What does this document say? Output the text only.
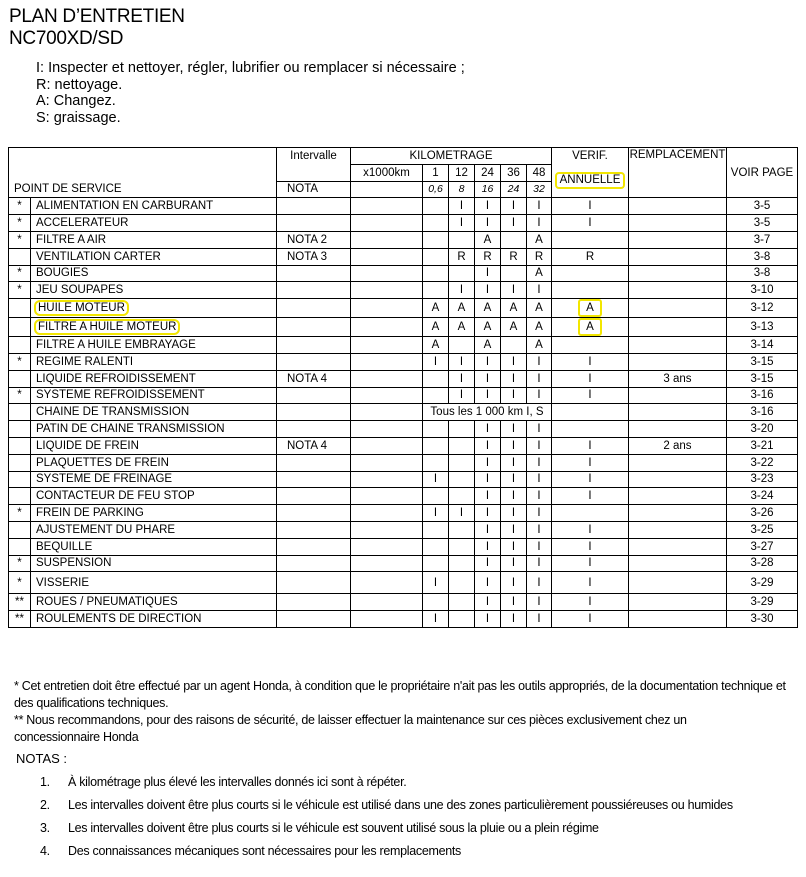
PLAN D’ENTRETIEN
NC700XD/SD
I: Inspecter et nettoyer, régler, lubrifier ou remplacer si nécessaire ;
R: nettoyage.
A: Changez.
S: graissage.
		Intervalle	KILOMETRAGE						VERIF.	REMPLACEMENT	VOIR PAGE
			x1000km	1	12	24	36	48	ANNUELLE		
POINT DE SERVICE		NOTA		0,6	8	16	24	32			
*	ALIMENTATION EN CARBURANT				I	I	I	I	I		3-5
*	ACCELERATEUR				I	I	I	I	I		3-5
*	FILTRE A AIR	NOTA 2				A		A			3-7
	VENTILATION CARTER	NOTA 3			R	R	R	R	R		3-8
*	BOUGIES					I		A			3-8
*	JEU SOUPAPES				I	I	I	I			3-10
	HUILE MOTEUR			A	A	A	A	A	A		3-12
	FILTRE A HUILE MOTEUR			A	A	A	A	A	A		3-13
	FILTRE A HUILE EMBRAYAGE			A		A		A			3-14
*	REGIME RALENTI			I	I	I	I	I	I		3-15
	LIQUIDE REFROIDISSEMENT	NOTA 4			I	I	I	I	I	3 ans	3-15
*	SYSTEME REFROIDISSEMENT				I	I	I	I	I		3-16
	CHAINE DE TRANSMISSION			Tous les 1 000 km I, S							3-16
	PATIN DE CHAINE TRANSMISSION					I	I	I			3-20
	LIQUIDE DE FREIN	NOTA 4				I	I	I	I	2 ans	3-21
	PLAQUETTES DE FREIN					I	I	I	I		3-22
	SYSTEME DE FREINAGE			I		I	I	I	I		3-23
	CONTACTEUR DE FEU STOP					I	I	I	I		3-24
*	FREIN DE PARKING			I	I	I	I	I			3-26
	AJUSTEMENT DU PHARE					I	I	I	I		3-25
	BEQUILLE					I	I	I	I		3-27
*	SUSPENSION					I	I	I	I		3-28
*	VISSERIE			I		I	I	I	I		3-29
**	ROUES / PNEUMATIQUES					I	I	I	I		3-29
**	ROULEMENTS DE DIRECTION			I		I	I	I	I		3-30
* Cet entretien doit être effectué par un agent Honda, à condition que le propriétaire n'ait pas les outils appropriés, de la documentation technique et des qualifications techniques.
** Nous recommandons, pour des raisons de sécurité, de laisser effectuer la maintenance sur ces pièces exclusivement chez un concessionnaire Honda
NOTAS :
1.	À kilométrage plus élevé les intervalles donnés ici sont à répéter.
2.	Les intervalles doivent être plus courts si le véhicule est utilisé dans une des zones particulièrement poussiéreuses ou humides
3.	Les intervalles doivent être plus courts si le véhicule est souvent utilisé sous la pluie ou a plein régime
4.	Des connaissances mécaniques sont nécessaires pour les remplacements
